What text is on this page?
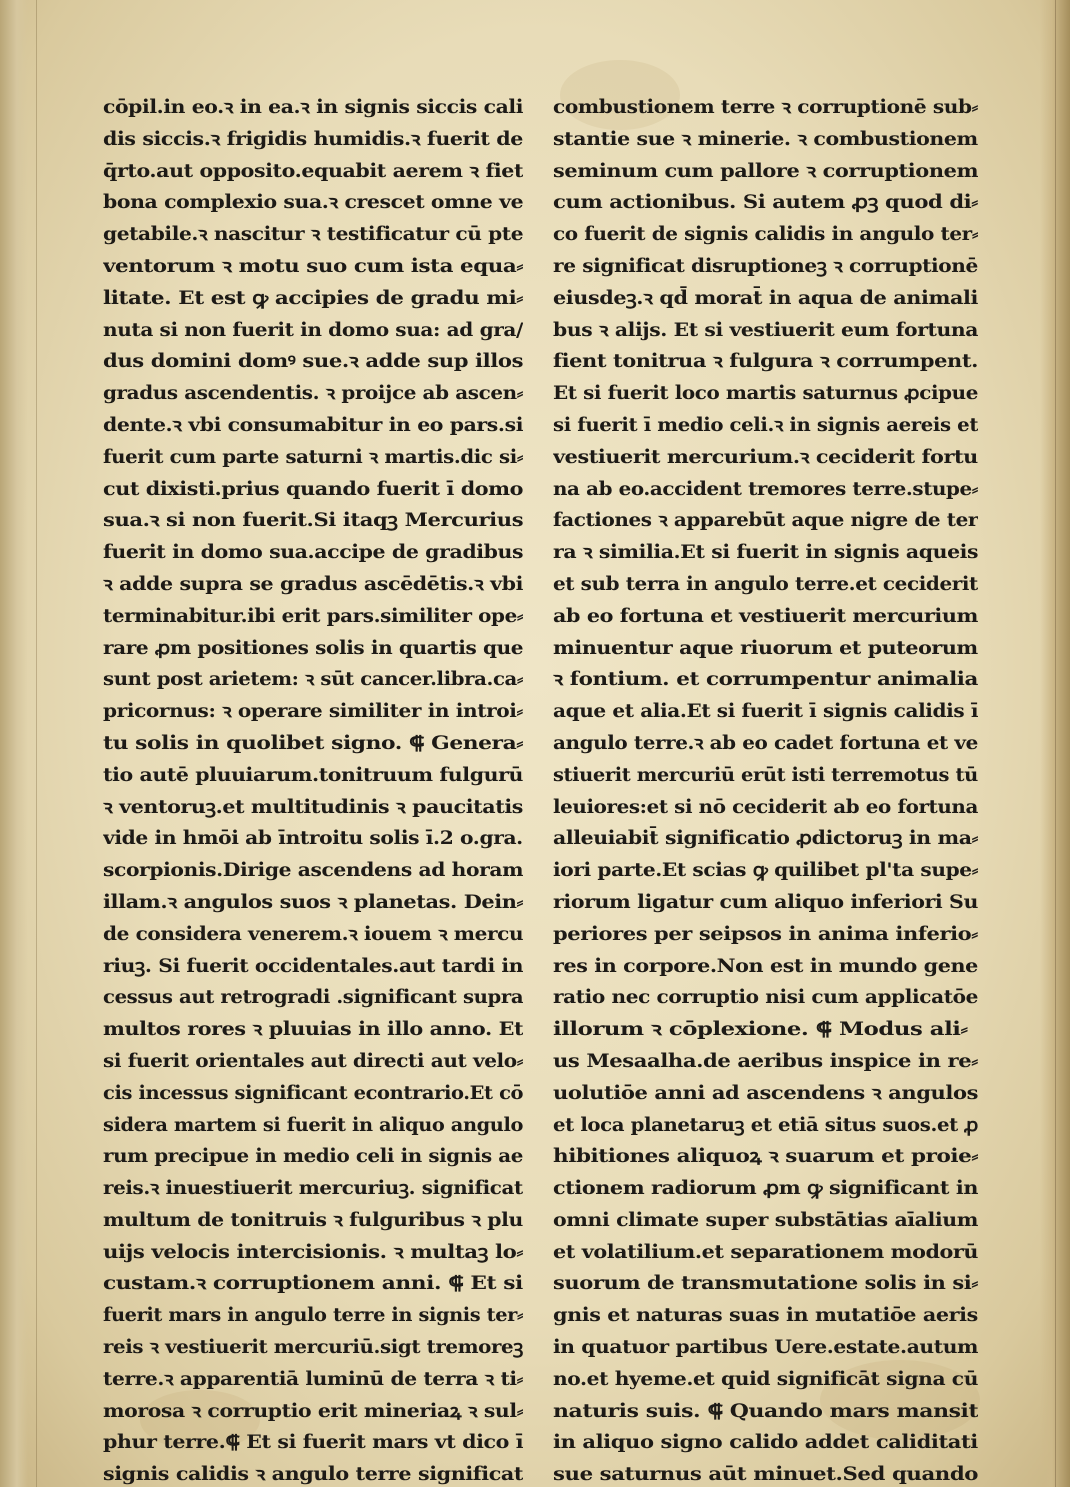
cōpil.in eo.ꝛ in ea.ꝛ in signis siccis cali
dis siccis.ꝛ frigidis humidis.ꝛ fuerit de
q̄rto.aut opposito.equabit aerem ꝛ fiet
bona complexio sua.ꝛ crescet omne ve
getabile.ꝛ nascitur ꝛ testificatur cū pte
ventorum ꝛ motu suo cum ista equa⸗
litate. Et est ꝙ accipies de gradu mi⸗
nuta si non fuerit in domo sua: ad gra/
dus domini domꝰ sue.ꝛ adde sup illos
gradus ascendentis. ꝛ proijce ab ascen⸗
dente.ꝛ vbi consumabitur in eo pars.si
fuerit cum parte saturni ꝛ martis.dic si⸗
cut dixisti.prius quando fuerit ī domo
sua.ꝛ si non fuerit.Si itaqꝫ Mercurius
fuerit in domo sua.accipe de gradibus
ꝛ adde supra se gradus ascēdētis.ꝛ vbi
terminabitur.ibi erit pars.similiter ope⸗
rare ꝓm positiones solis in quartis que
sunt post arietem: ꝛ sūt cancer.libra.ca⸗
pricornus: ꝛ operare similiter in introi⸗
tu solis in quolibet signo. ⸿ Genera⸗
tio autē pluuiarum.tonitruum fulgurū
ꝛ ventoruꝫ.et multitudinis ꝛ paucitatis
vide in hmōi ab īntroitu solis ī.2 o.gra.
scorpionis.Dirige ascendens ad horam
illam.ꝛ angulos suos ꝛ planetas. Dein⸗
de considera venerem.ꝛ iouem ꝛ mercu
riuꝫ. Si fuerit occidentales.aut tardi in
cessus aut retrogradi .significant supra
multos rores ꝛ pluuias in illo anno. Et
si fuerit orientales aut directi aut velo⸗
cis incessus significant econtrario.Et cō
sidera martem si fuerit in aliquo angulo
rum precipue in medio celi in signis ae
reis.ꝛ inuestiuerit mercuriuꝫ. significat
multum de tonitruis ꝛ fulguribus ꝛ plu
uijs velocis intercisionis. ꝛ multaꝫ lo⸗
custam.ꝛ corruptionem anni. ⸿ Et si
fuerit mars in angulo terre in signis ter⸗
reis ꝛ vestiuerit mercuriū.sigt tremoreꝫ
terre.ꝛ apparentiā luminū de terra ꝛ ti⸗
morosa ꝛ corruptio erit mineriaꝝ ꝛ sul⸗
phur terre.⸿ Et si fuerit mars vt dico ī
signis calidis ꝛ angulo terre significat
combustionem terre ꝛ corruptionē sub⸗
stantie sue ꝛ minerie. ꝛ combustionem
seminum cum pallore ꝛ corruptionem
cum actionibus. Si autem ꝓꝫ quod di⸗
co fuerit de signis calidis in angulo ter⸗
re significat disruptioneꝫ ꝛ corruptionē
eiusdeꝫ.ꝛ qd̄ morat̄ in aqua de animali
bus ꝛ alijs. Et si vestiuerit eum fortuna
fient tonitrua ꝛ fulgura ꝛ corrumpent.
Et si fuerit loco martis saturnus ꝓcipue
si fuerit ī medio celi.ꝛ in signis aereis et
vestiuerit mercurium.ꝛ ceciderit fortu
na ab eo.accident tremores terre.stupe⸗
factiones ꝛ apparebūt aque nigre de ter
ra ꝛ similia.Et si fuerit in signis aqueis
et sub terra in angulo terre.et ceciderit
ab eo fortuna et vestiuerit mercurium
minuentur aque riuorum et puteorum
ꝛ fontium. et corrumpentur animalia
aque et alia.Et si fuerit ī signis calidis ī
angulo terre.ꝛ ab eo cadet fortuna et ve
stiuerit mercuriū erūt isti terremotus tū
leuiores:et si nō ceciderit ab eo fortuna
alleuiabit̄ significatio ꝓdictoruꝫ in ma⸗
iori parte.Et scias ꝙ quilibet pl'ta supe⸗
riorum ligatur cum aliquo inferiori Su
periores per seipsos in anima inferio⸗
res in corpore.Non est in mundo gene
ratio nec corruptio nisi cum applicatōe
illorum ꝛ cōplexione. ⸿ Modus ali⸗
us Mesaalha.de aeribus inspice in re⸗
uolutiōe anni ad ascendens ꝛ angulos
et loca planetaruꝫ et etiā situs suos.et ꝓ
hibitiones aliquoꝝ ꝛ suarum et proie⸗
ctionem radiorum ꝓm ꝙ significant in
omni climate super substātias aīalium
et volatilium.et separationem modorū
suorum de transmutatione solis in si⸗
gnis et naturas suas in mutatiōe aeris
in quatuor partibus Uere.estate.autum
no.et hyeme.et quid significāt signa cū
naturis suis. ⸿ Quando mars mansit
in aliquo signo calido addet caliditati
sue saturnus aūt minuet.Sed quando
